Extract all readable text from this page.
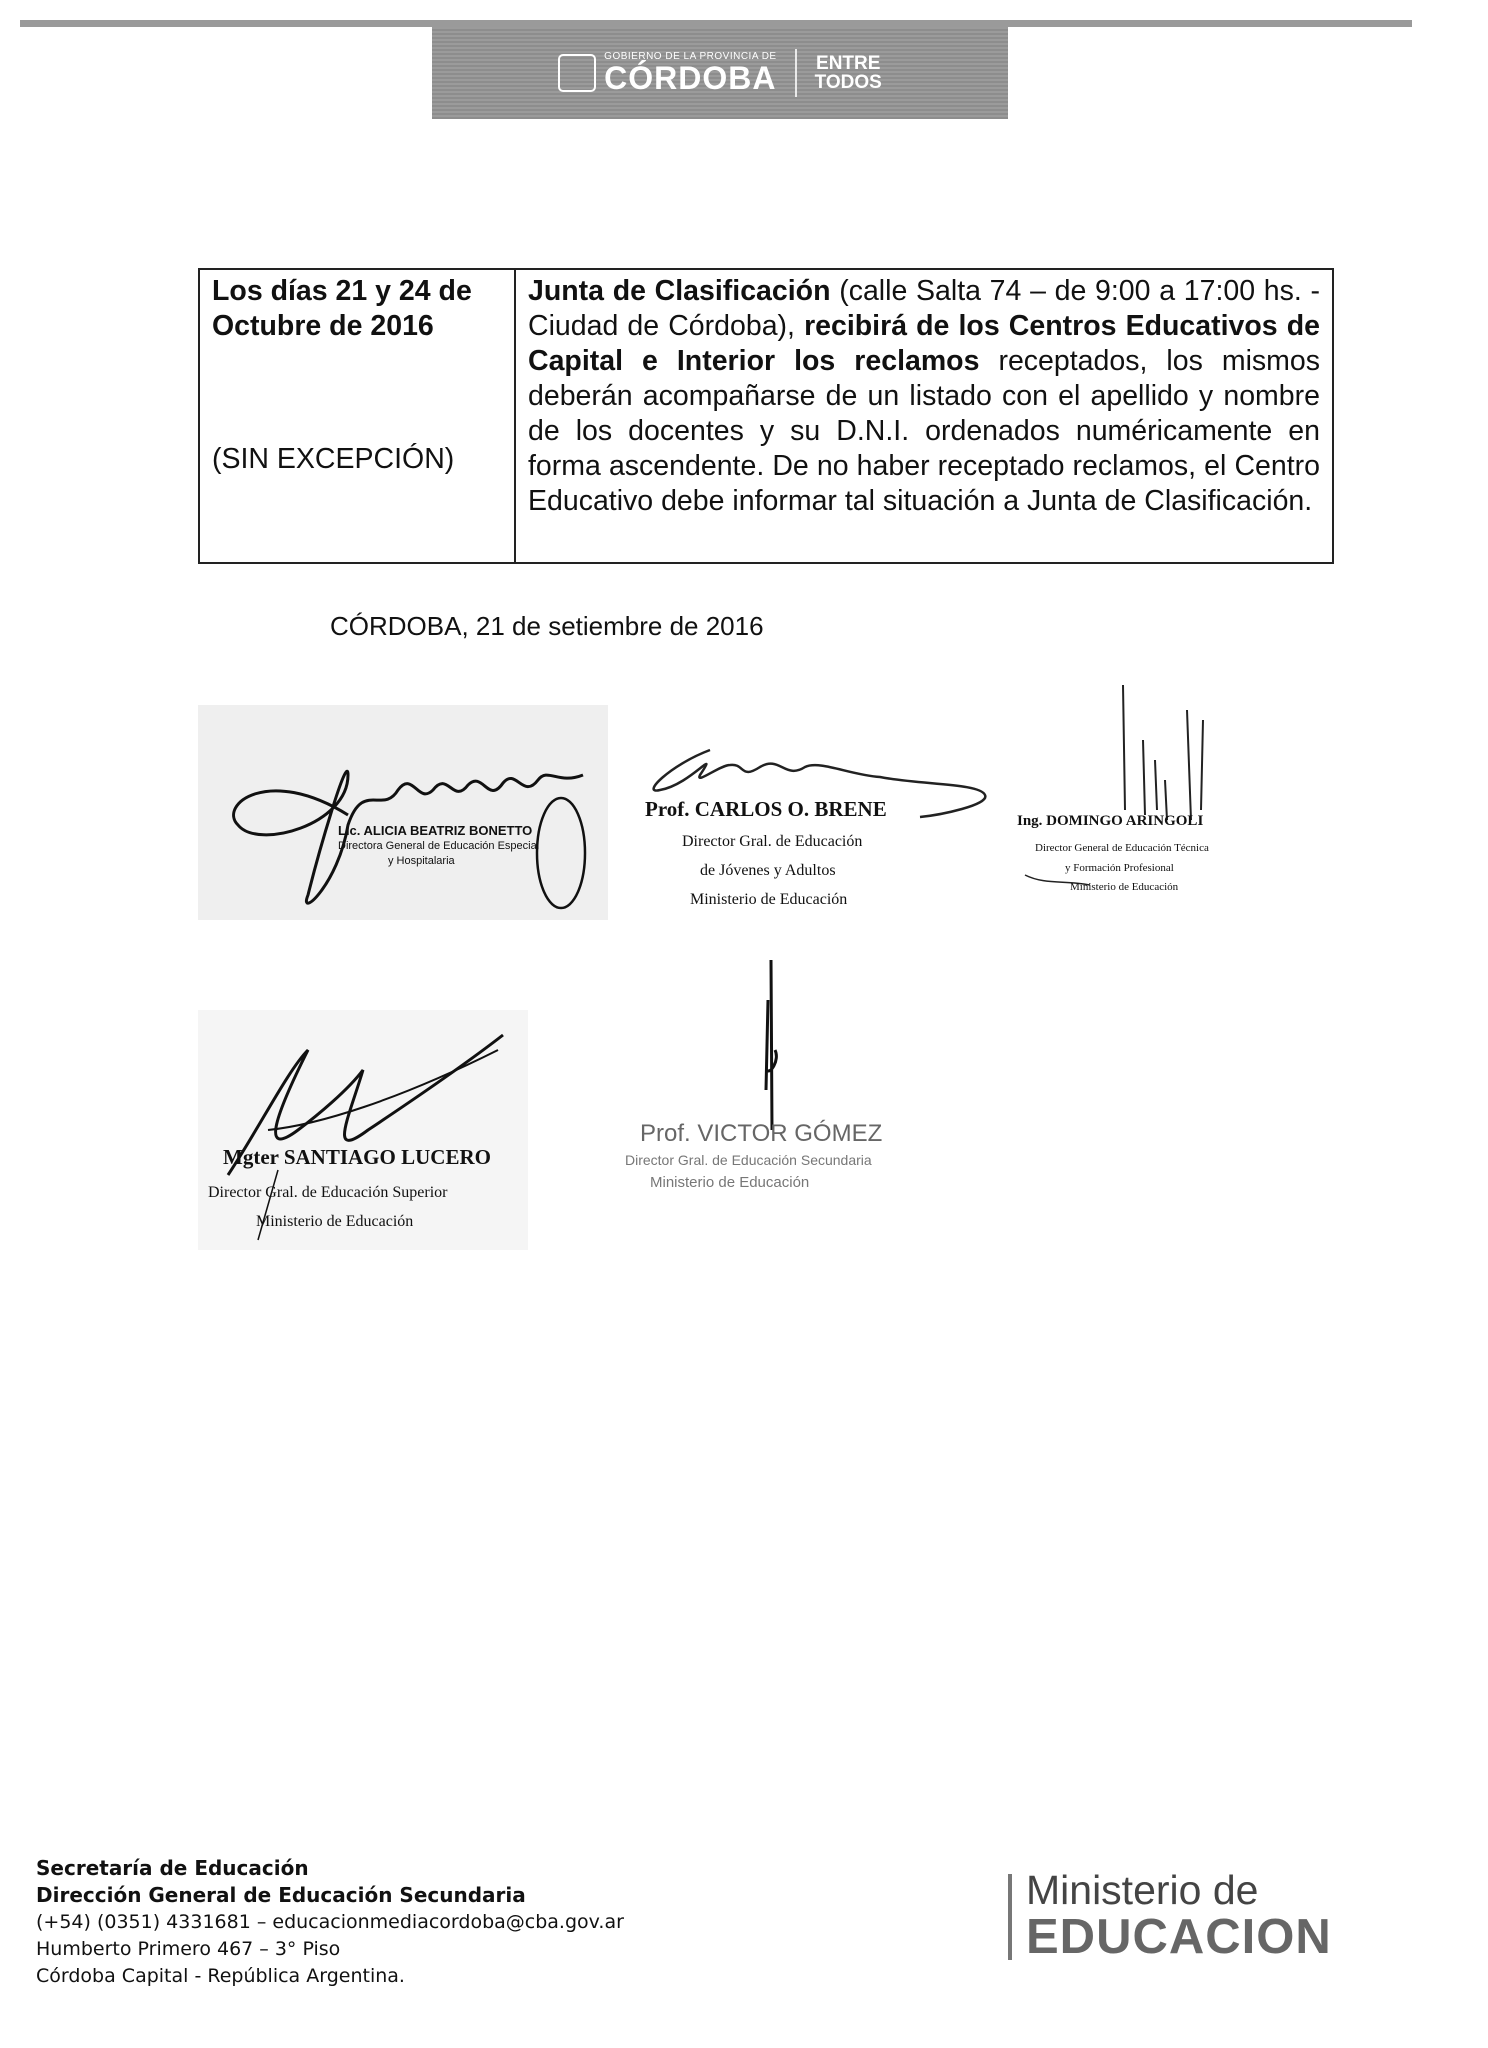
GOBIERNO DE LA PROVINCIA DE
CÓRDOBA ENTRE
TODOS
Los días 21 y 24 de Octubre de 2016
(SIN EXCEPCIÓN)
	Junta de Clasificación (calle Salta 74 – de 9:00 a 17:00 hs. - Ciudad de Córdoba), recibirá de los Centros Educativos de Capital e Interior los reclamos receptados, los mismos deberán acompañarse de un listado con el apellido y nombre de los docentes y su D.N.I. ordenados numéricamente en forma ascendente. De no haber receptado reclamos, el Centro Educativo debe informar tal situación a Junta de Clasificación.
CÓRDOBA, 21 de setiembre de 2016
Lic. ALICIA BEATRIZ BONETTO
Directora General de Educación Especial
y Hospitalaria
Prof. CARLOS O. BRENE
Director Gral. de Educación
de Jóvenes y Adultos
Ministerio de Educación
Ing. DOMINGO ARINGOLI
Director General de Educación Técnica
y Formación Profesional
Ministerio de Educación
Mgter SANTIAGO LUCERO
Director Gral. de Educación Superior
Ministerio de Educación
Prof. VICTOR GÓMEZ
Director Gral. de Educación Secundaria
Ministerio de Educación
Secretaría de Educación
Dirección General de Educación Secundaria
(+54) (0351) 4331681 – educacionmediacordoba@cba.gov.ar
Humberto Primero 467 – 3° Piso
Córdoba Capital - República Argentina.
Ministerio de
EDUCACION
